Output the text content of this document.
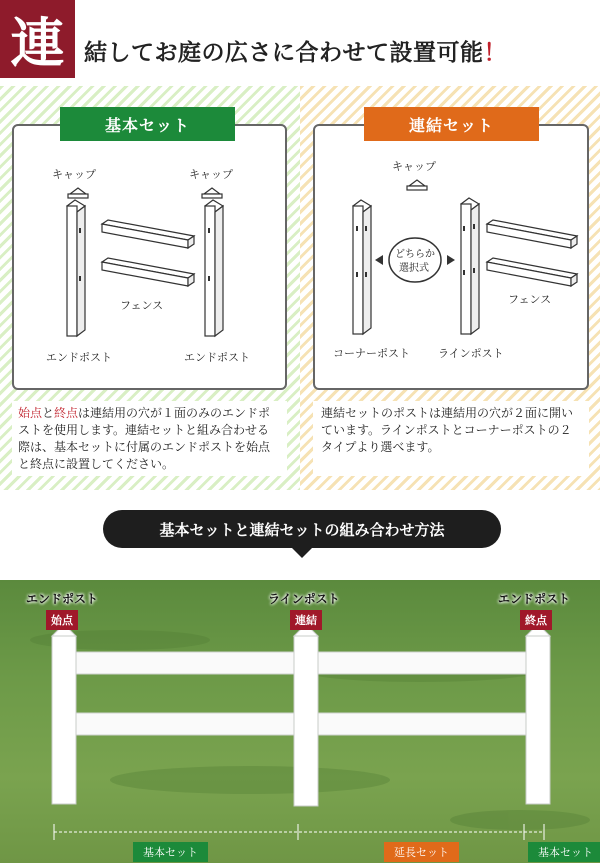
連 結してお庭の広さに合わせて設置可能！
基本セット
キャップ	キャップ
フェンス
エンドポスト	エンドポスト
始点と終点は連結用の穴が１面のみのエンドポストを使用します。連結セットと組み合わせる際は、基本セットに付属のエンドポストを始点と終点に設置してください。
連結セット
キャップ
フェンス
コーナーポスト	ラインポスト
どちらか
選択式
連結セットのポストは連結用の穴が２面に開いています。ラインポストとコーナーポストの２タイプより選べます。
基本セットと連結セットの組み合わせ方法
エンドポスト
始点
ラインポスト
連結
エンドポスト
終点
基本セット	延長セット	基本セット
